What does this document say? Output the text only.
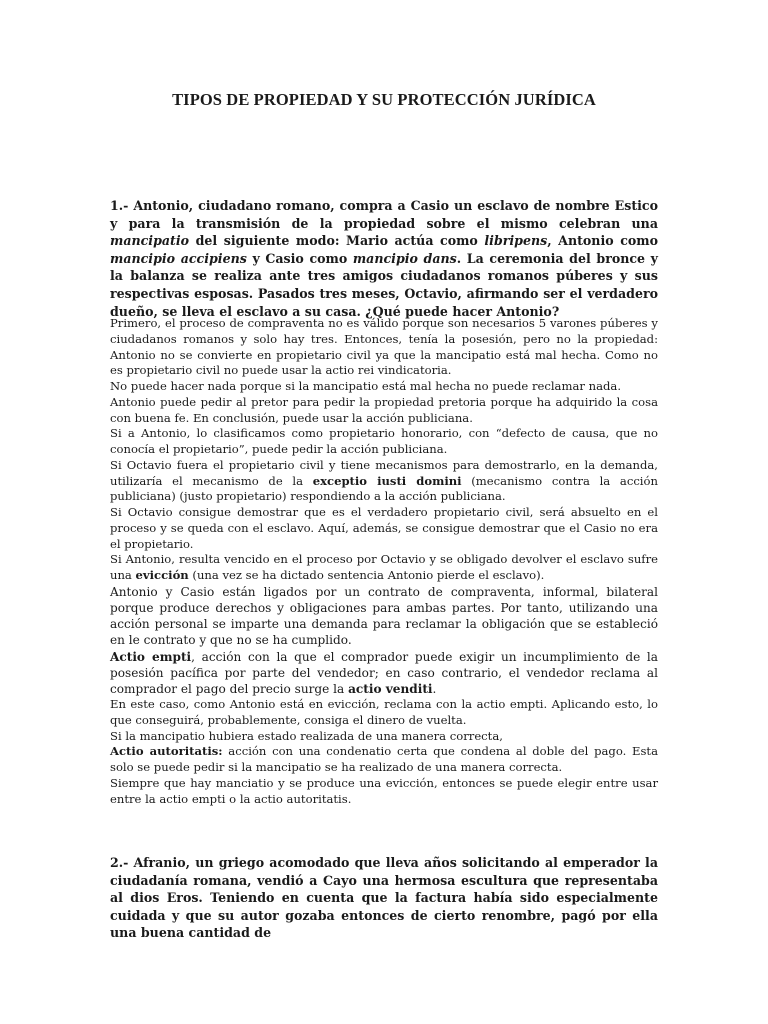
TIPOS DE PROPIEDAD Y SU PROTECCIÓN JURÍDICA
1.- Antonio, ciudadano romano, compra a Casio un esclavo de nombre Estico y para la transmisión de la propiedad sobre el mismo celebran una mancipatio del siguiente modo: Mario actúa como libripens, Antonio como mancipio accipiens y Casio como mancipio dans. La ceremonia del bronce y la balanza se realiza ante tres amigos ciudadanos romanos púberes y sus respectivas esposas. Pasados tres meses, Octavio, afirmando ser el verdadero dueño, se lleva el esclavo a su casa. ¿Qué puede hacer Antonio?

Primero, el proceso de compraventa no es válido porque son necesarios 5 varones púberes y ciudadanos romanos y solo hay tres. Entonces, tenía la posesión, pero no la propiedad: Antonio no se convierte en propietario civil ya que la mancipatio está mal hecha. Como no es propietario civil no puede usar la actio rei vindicatoria.

No puede hacer nada porque si la mancipatio está mal hecha no puede reclamar nada.

Antonio puede pedir al pretor para pedir la propiedad pretoria porque ha adquirido la cosa con buena fe. En conclusión, puede usar la acción publiciana.

Si a Antonio, lo clasificamos como propietario honorario, con “defecto de causa, que no conocía el propietario”, puede pedir la acción publiciana.

Si Octavio fuera el propietario civil y tiene mecanismos para demostrarlo, en la demanda, utilizaría el mecanismo de la exceptio iusti domini (mecanismo contra la acción publiciana) (justo propietario) respondiendo a la acción publiciana.

Si Octavio consigue demostrar que es el verdadero propietario civil, será absuelto en el proceso y se queda con el esclavo. Aquí, además, se consigue demostrar que el Casio no era el propietario.

Si Antonio, resulta vencido en el proceso por Octavio y se obligado devolver el esclavo sufre una evicción (una vez se ha dictado sentencia Antonio pierde el esclavo).

Antonio y Casio están ligados por un contrato de compraventa, informal, bilateral porque produce derechos y obligaciones para ambas partes. Por tanto, utilizando una acción personal se imparte una demanda para reclamar la obligación que se estableció en le contrato y que no se ha cumplido.

Actio empti, acción con la que el comprador puede exigir un incumplimiento de la posesión pacífica por parte del vendedor; en caso contrario, el vendedor reclama al comprador el pago del precio surge la actio venditi.

En este caso, como Antonio está en evicción, reclama con la actio empti. Aplicando esto, lo que conseguirá, probablemente, consiga el dinero de vuelta.

Si la mancipatio hubiera estado realizada de una manera correcta,

Actio autoritatis: acción con una condenatio certa que condena al doble del pago. Esta solo se puede pedir si la mancipatio se ha realizado de una manera correcta.

Siempre que hay manciatio y se produce una evicción, entonces se puede elegir entre usar entre la actio empti o la actio autoritatis.

2.- Afranio, un griego acomodado que lleva años solicitando al emperador la ciudadanía romana, vendió a Cayo una hermosa escultura que representaba al dios Eros. Teniendo en cuenta que la factura había sido especialmente cuidada y que su autor gozaba entonces de cierto renombre, pagó por ella una buena cantidad de
